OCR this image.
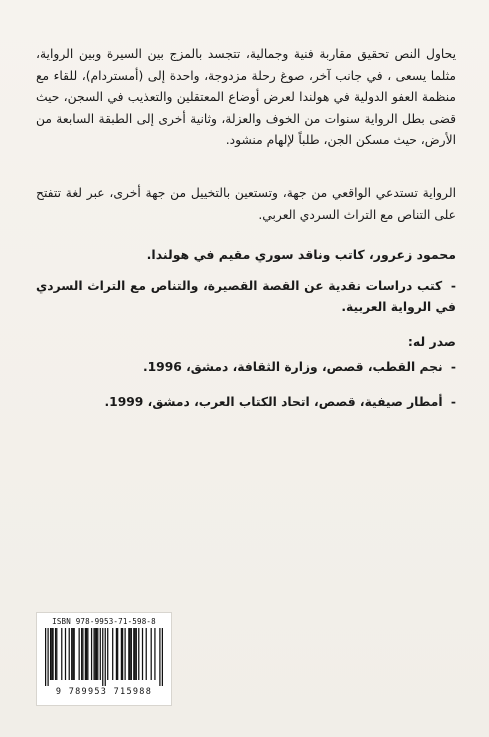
يحاول النص تحقيق مقاربة فنية وجمالية، تتجسد بالمزج بين السيرة وبين الرواية، مثلما يسعى ، في جانب آخر، صوغ رحلة مزدوجة، واحدة إلى (أمستردام)، للقاء مع منظمة العفو الدولية في هولندا لعرض أوضاع المعتقلين والتعذيب في السجن، حيث قضى بطل الرواية سنوات من الخوف والعزلة، وثانية أخرى إلى الطبقة السابعة من الأرض، حيث مسكن الجن، طلباً لإلهام منشود.

الرواية تستدعي الواقعي من جهة، وتستعين بالتخييل من جهة أخرى، عبر لغة تتفتح على التناص مع التراث السردي العربي.

محمود زعرور، كاتب وناقد سوري مقيم في هولندا.
- كتب دراسات نقدية عن القصة القصيرة، والتناص مع التراث السردي في الرواية العربية.
صدر له:
- نجم القطب، قصص، وزارة الثقافة، دمشق، 1996.
- أمطار صيفية، قصص، اتحاد الكتاب العرب، دمشق، 1999.
ISBN 978-9953-71-598-8
9 789953 715988
